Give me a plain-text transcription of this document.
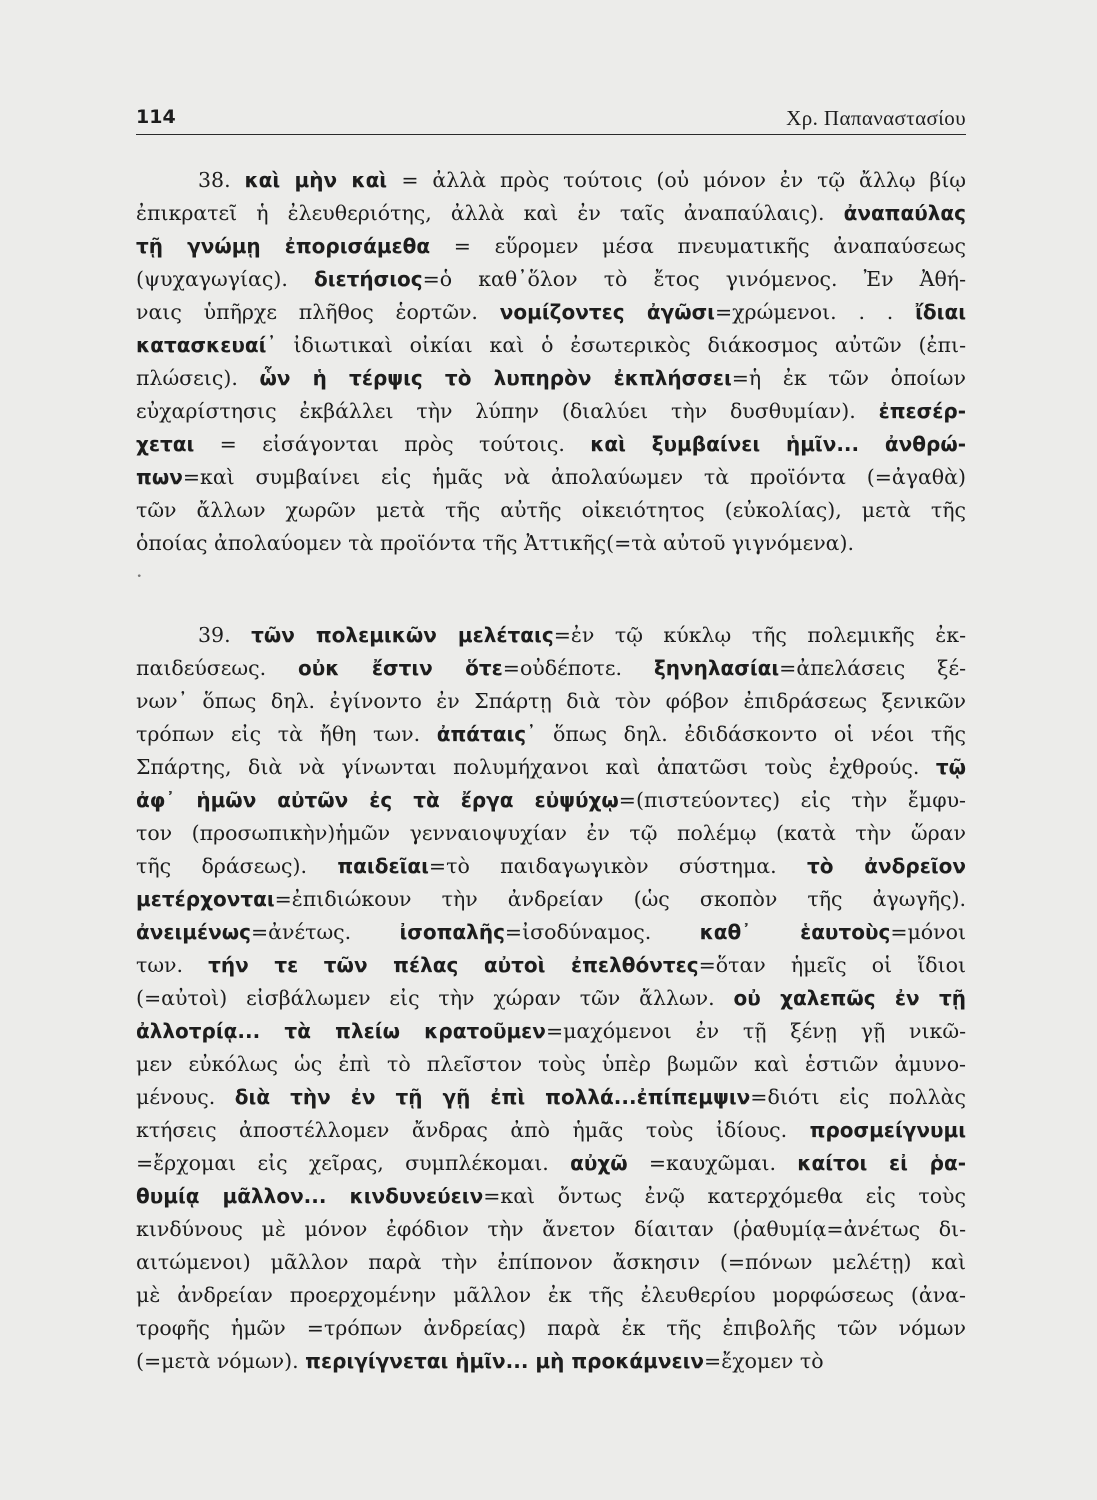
114	Χρ. Παπαναστασίου
38. καὶ μὴν καὶ = ἀλλὰ πρὸς τούτοις (οὐ μόνον ἐν τῷ ἄλλῳ βίῳ
ἐπικρατεῖ ἡ ἐλευθεριότης, ἀλλὰ καὶ ἐν ταῖς ἀναπαύλαις). ἀναπαύλας
τῇ γνώμῃ ἐπορισάμεθα = εὕρομεν μέσα πνευματικῆς ἀναπαύσεως
(ψυχαγωγίας). διετήσιος=ὁ καθ᾽ὅλον τὸ ἔτος γινόμενος. Ἐν Ἀθή-
ναις ὑπῆρχε πλῆθος ἑορτῶν. νομίζοντες ἀγῶσι=χρώμενοι. . . ἴδιαι
κατασκευαί᾽ ἰδιωτικαὶ οἰκίαι καὶ ὁ ἐσωτερικὸς διάκοσμος αὐτῶν (ἐπι-
πλώσεις). ὧν ἡ τέρψις τὸ λυπηρὸν ἐκπλήσσει=ἡ ἐκ τῶν ὁποίων
εὐχαρίστησις ἐκβάλλει τὴν λύπην (διαλύει τὴν δυσθυμίαν). ἐπεσέρ-
χεται = εἰσάγονται πρὸς τούτοις. καὶ ξυμβαίνει ἡμῖν... ἀνθρώ-
πων=καὶ συμβαίνει εἰς ἡμᾶς νὰ ἀπολαύωμεν τὰ προϊόντα (=ἀγαθὰ)
τῶν ἄλλων χωρῶν μετὰ τῆς αὐτῆς οἰκειότητος (εὐκολίας), μετὰ τῆς
ὁποίας ἀπολαύομεν τὰ προϊόντα τῆς Ἀττικῆς(=τὰ αὐτοῦ γιγνόμενα).
·
39. τῶν πολεμικῶν μελέταις=ἐν τῷ κύκλῳ τῆς πολεμικῆς ἐκ-
παιδεύσεως. οὐκ ἔστιν ὅτε=οὐδέποτε. ξηνηλασίαι=ἀπελάσεις ξέ-
νων᾽ ὅπως δηλ. ἐγίνοντο ἐν Σπάρτῃ διὰ τὸν φόβον ἐπιδράσεως ξενικῶν
τρόπων εἰς τὰ ἤθη των. ἀπάταις᾽ ὅπως δηλ. ἐδιδάσκοντο οἱ νέοι τῆς
Σπάρτης, διὰ νὰ γίνωνται πολυμήχανοι καὶ ἀπατῶσι τοὺς ἐχθρούς. τῷ
ἀφ᾽ ἡμῶν αὐτῶν ἐς τὰ ἔργα εὐψύχῳ=(πιστεύοντες) εἰς τὴν ἔμφυ-
τον (προσωπικὴν)ἡμῶν γενναιοψυχίαν ἐν τῷ πολέμῳ (κατὰ τὴν ὥραν
τῆς δράσεως). παιδεῖαι=τὸ παιδαγωγικὸν σύστημα. τὸ ἀνδρεῖον
μετέρχονται=ἐπιδιώκουν τὴν ἀνδρείαν (ὡς σκοπὸν τῆς ἀγωγῆς).
ἀνειμένως=ἀνέτως. ἰσοπαλῆς=ἰσοδύναμος. καθ᾽ ἑαυτοὺς=μόνοι
των. τήν τε τῶν πέλας αὐτοὶ ἐπελθόντες=ὅταν ἡμεῖς οἱ ἴδιοι
(=αὐτοὶ) εἰσβάλωμεν εἰς τὴν χώραν τῶν ἄλλων. οὐ χαλεπῶς ἐν τῇ
ἀλλοτρίᾳ... τὰ πλείω κρατοῦμεν=μαχόμενοι ἐν τῇ ξένῃ γῇ νικῶ-
μεν εὐκόλως ὡς ἐπὶ τὸ πλεῖστον τοὺς ὑπὲρ βωμῶν καὶ ἑστιῶν ἀμυνο-
μένους. διὰ τὴν ἐν τῇ γῇ ἐπὶ πολλά...ἐπίπεμψιν=διότι εἰς πολλὰς
κτήσεις ἀποστέλλομεν ἄνδρας ἀπὸ ἡμᾶς τοὺς ἰδίους. προσμείγνυμι
=ἔρχομαι εἰς χεῖρας, συμπλέκομαι. αὐχῶ =καυχῶμαι. καίτοι εἰ ῥα-
θυμίᾳ μᾶλλον... κινδυνεύειν=καὶ ὄντως ἐνῷ κατερχόμεθα εἰς τοὺς
κινδύνους μὲ μόνον ἐφόδιον τὴν ἄνετον δίαιταν (ῥαθυμίᾳ=ἀνέτως δι-
αιτώμενοι) μᾶλλον παρὰ τὴν ἐπίπονον ἄσκησιν (=πόνων μελέτῃ) καὶ
μὲ ἀνδρείαν προερχομένην μᾶλλον ἐκ τῆς ἐλευθερίου μορφώσεως (ἀνα-
τροφῆς ἡμῶν =τρόπων ἀνδρείας) παρὰ ἐκ τῆς ἐπιβολῆς τῶν νόμων
(=μετὰ νόμων). περιγίγνεται ἡμῖν... μὴ προκάμνειν=ἔχομεν τὸ
